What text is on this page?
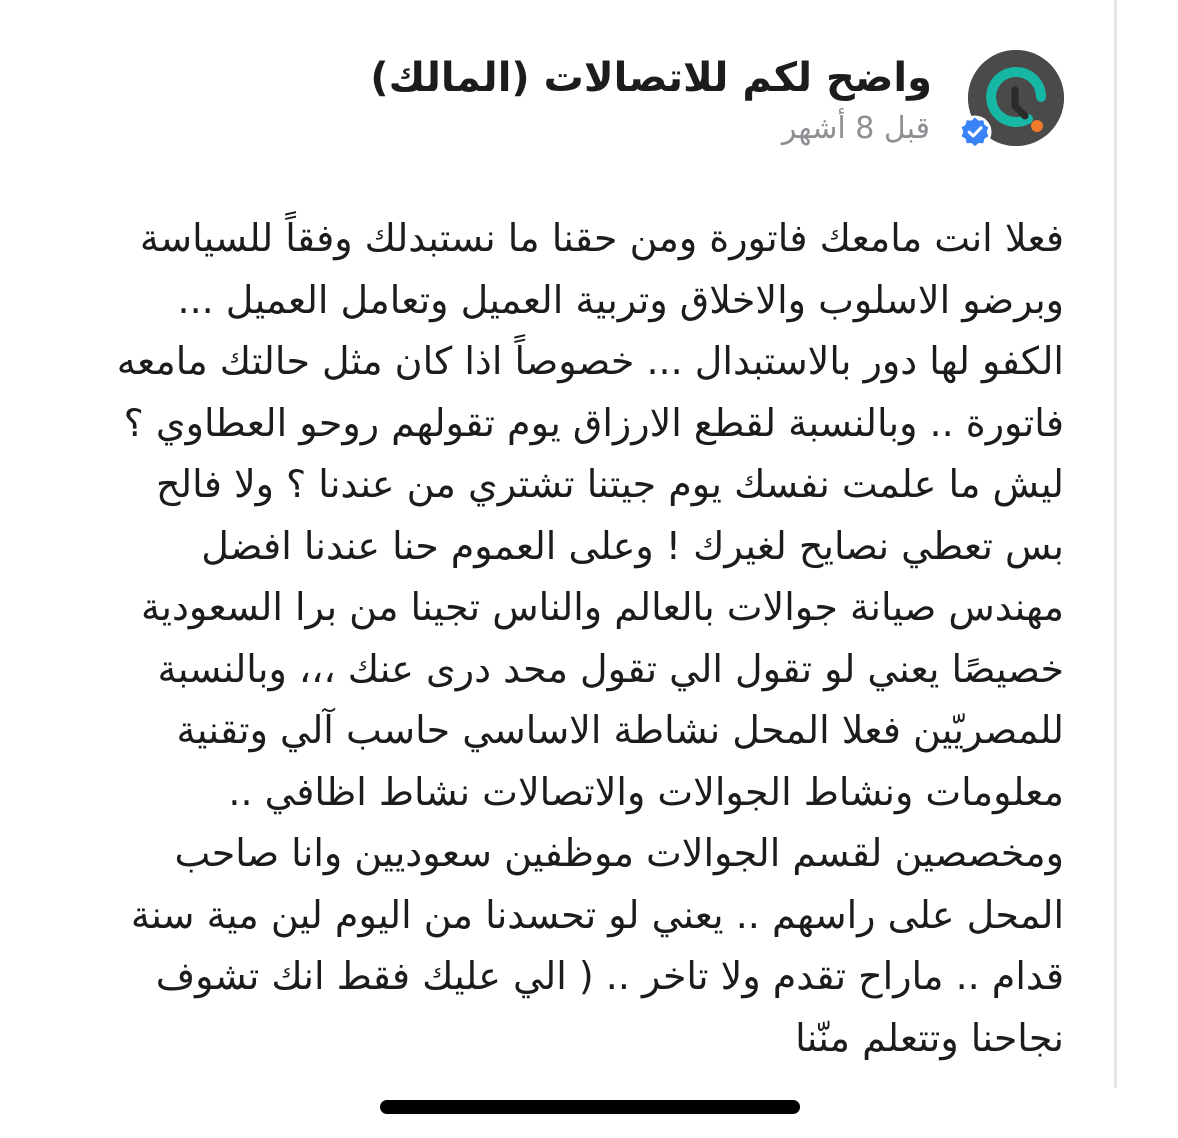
واضح لكم للاتصالات (المالك)
قبل 8 أشهر
فعلا انت مامعك فاتورة ومن حقنا ما نستبدلك وفقاً للسياسة
وبرضو الاسلوب والاخلاق وتربية العميل وتعامل العميل ...
الكفو لها دور بالاستبدال ... خصوصاً اذا كان مثل حالتك مامعه
فاتورة .. وبالنسبة لقطع الارزاق يوم تقولهم روحو العطاوي ؟
ليش ما علمت نفسك يوم جيتنا تشتري من عندنا ؟ ولا فالح
بس تعطي نصايح لغيرك ! وعلى العموم حنا عندنا افضل
مهندس صيانة جوالات بالعالم والناس تجينا من برا السعودية
خصيصًا يعني لو تقول الي تقول محد درى عنك ،،، وبالنسبة
للمصريّين فعلا المحل نشاطة الاساسي حاسب آلي وتقنية
معلومات ونشاط الجوالات والاتصالات نشاط اظافي ..
ومخصصين لقسم الجوالات موظفين سعوديين وانا صاحب
المحل على راسهم .. يعني لو تحسدنا من اليوم لين مية سنة
قدام .. ماراح تقدم ولا تاخر .. ( الي عليك فقط انك تشوف
نجاحنا وتتعلم منّنا
